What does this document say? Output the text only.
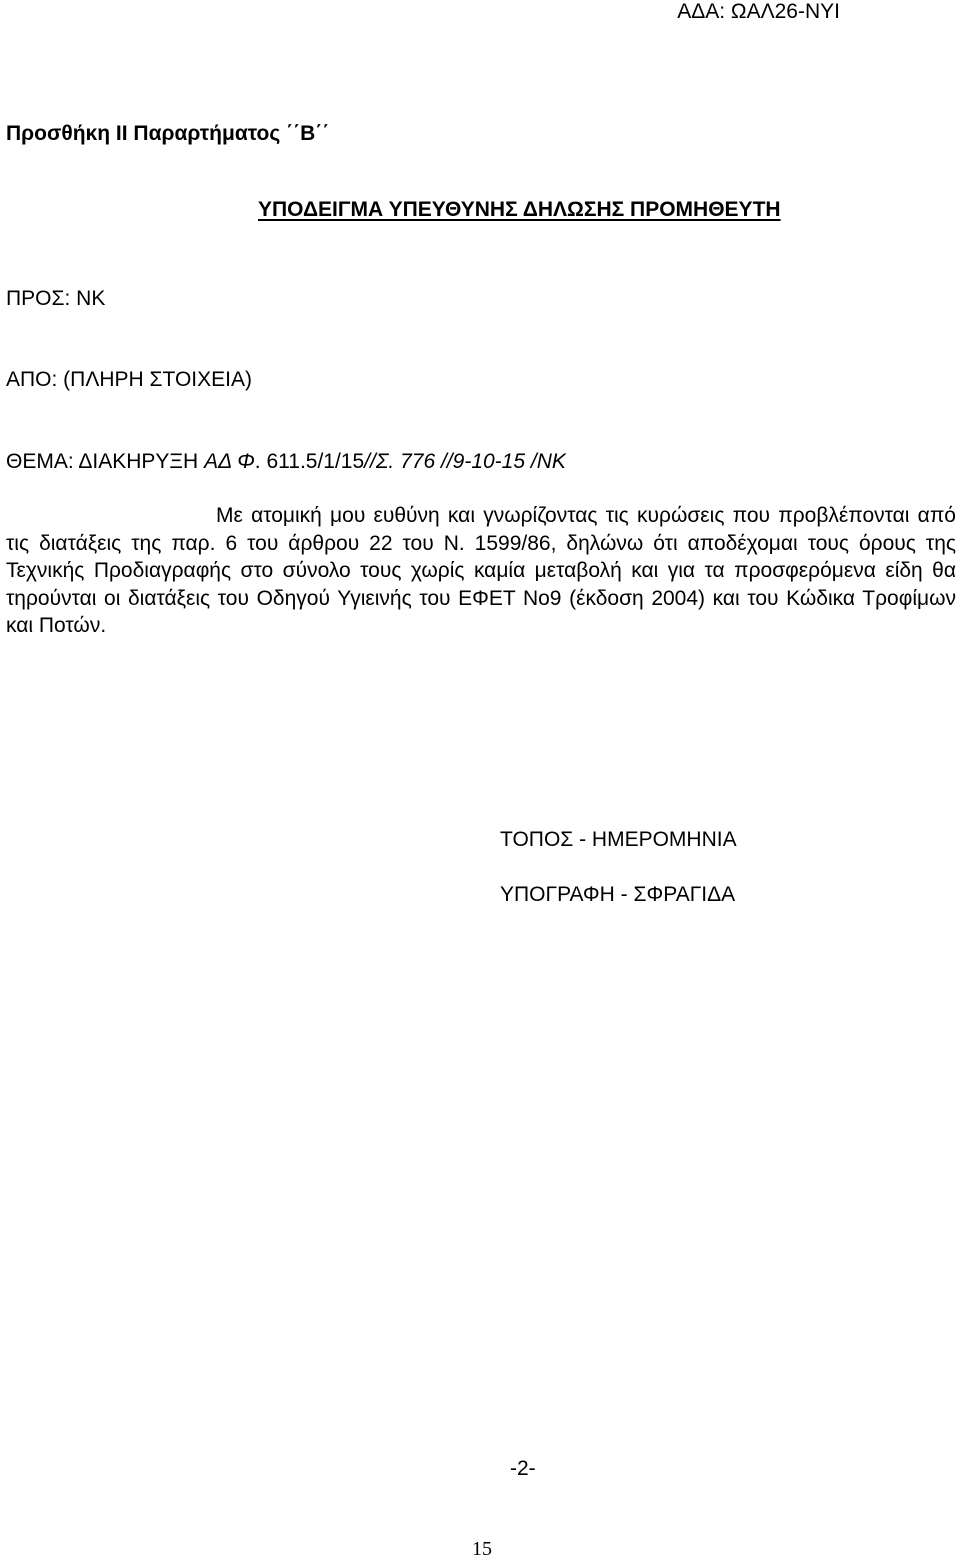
ΑΔΑ: ΩΑΛ26-ΝΥΙ
Προσθήκη ΙΙ Παραρτήματος ΄΄Β΄΄
ΥΠΟΔΕΙΓΜΑ ΥΠΕΥΘΥΝΗΣ ΔΗΛΩΣΗΣ ΠΡΟΜΗΘΕΥΤΗ
ΠΡΟΣ: ΝΚ
ΑΠΟ: (ΠΛΗΡΗ ΣΤΟΙΧΕΙΑ)
ΘΕΜΑ: ΔΙΑΚΗΡΥΞΗ ΑΔ Φ. 611.5/1/15//Σ. 776 //9-10-15 /ΝΚ

Με ατομική μου ευθύνη και γνωρίζοντας τις κυρώσεις που προβλέπονται από τις διατάξεις της παρ. 6 του άρθρου 22 του Ν. 1599/86, δηλώνω ότι αποδέχομαι τους όρους της Τεχνικής Προδιαγραφής στο σύνολο τους χωρίς καμία μεταβολή και για τα προσφερόμενα είδη θα τηρούνται οι διατάξεις του Οδηγού Υγιεινής του ΕΦΕΤ Νο9 (έκδοση 2004) και του Κώδικα Τροφίμων και Ποτών.

ΤΟΠΟΣ - ΗΜΕΡΟΜΗΝΙΑ
ΥΠΟΓΡΑΦΗ - ΣΦΡΑΓΙΔΑ
-2-
15
